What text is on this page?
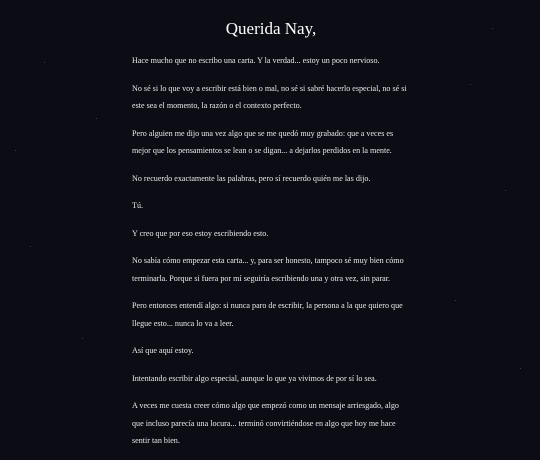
Querida Nay,

Hace mucho que no escribo una carta. Y la verdad... estoy un poco nervioso.

No sé si lo que voy a escribir está bien o mal, no sé si sabré hacerlo especial, no sé si este sea el momento, la razón o el contexto perfecto.

Pero alguien me dijo una vez algo que se me quedó muy grabado: que a veces es mejor que los pensamientos se lean o se digan... a dejarlos perdidos en la mente.

No recuerdo exactamente las palabras, pero sí recuerdo quién me las dijo.

Tú.

Y creo que por eso estoy escribiendo esto.

No sabía cómo empezar esta carta... y, para ser honesto, tampoco sé muy bien cómo terminarla. Porque si fuera por mí seguiría escribiendo una y otra vez, sin parar.

Pero entonces entendí algo: si nunca paro de escribir, la persona a la que quiero que llegue esto... nunca lo va a leer.

Así que aquí estoy.

Intentando escribir algo especial, aunque lo que ya vivimos de por sí lo sea.

A veces me cuesta creer cómo algo que empezó como un mensaje arriesgado, algo que incluso parecía una locura... terminó convirtiéndose en algo que hoy me hace sentir tan bien.
